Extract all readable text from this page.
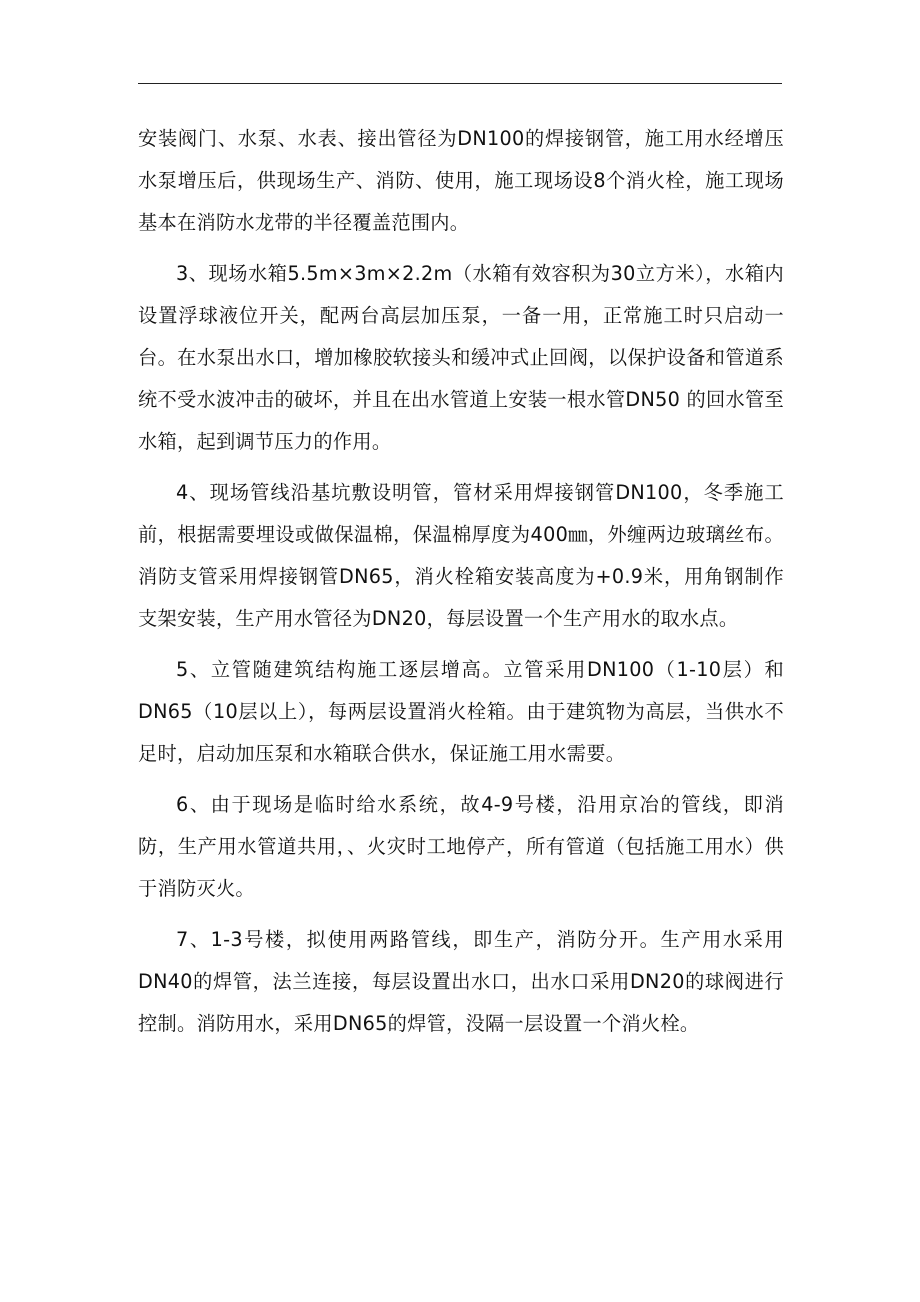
安装阀门、水泵、水表、接出管径为DN100的焊接钢管，施工用水经增压水泵增压后，供现场生产、消防、使用，施工现场设8个消火栓，施工现场基本在消防水龙带的半径覆盖范围内。

3、现场水箱5.5m×3m×2.2m（水箱有效容积为30立方米），水箱内设置浮球液位开关，配两台高层加压泵，一备一用，正常施工时只启动一台。在水泵出水口，增加橡胶软接头和缓冲式止回阀，以保护设备和管道系统不受水波冲击的破坏，并且在出水管道上安装一根水管DN50 的回水管至水箱，起到调节压力的作用。

4、现场管线沿基坑敷设明管，管材采用焊接钢管DN100，冬季施工前，根据需要埋设或做保温棉，保温棉厚度为400㎜，外缠两边玻璃丝布。消防支管采用焊接钢管DN65，消火栓箱安装高度为+0.9米，用角钢制作支架安装，生产用水管径为DN20，每层设置一个生产用水的取水点。

5、立管随建筑结构施工逐层增高。立管采用DN100（1-10层）和DN65（10层以上），每两层设置消火栓箱。由于建筑物为高层，当供水不足时，启动加压泵和水箱联合供水，保证施工用水需要。

6、由于现场是临时给水系统，故4-9号楼，沿用京冶的管线，即消防，生产用水管道共用，、火灾时工地停产，所有管道（包括施工用水）供于消防灭火。

7、1-3号楼，拟使用两路管线，即生产，消防分开。生产用水采用DN40的焊管，法兰连接，每层设置出水口，出水口采用DN20的球阀进行控制。消防用水，采用DN65的焊管，没隔一层设置一个消火栓。
